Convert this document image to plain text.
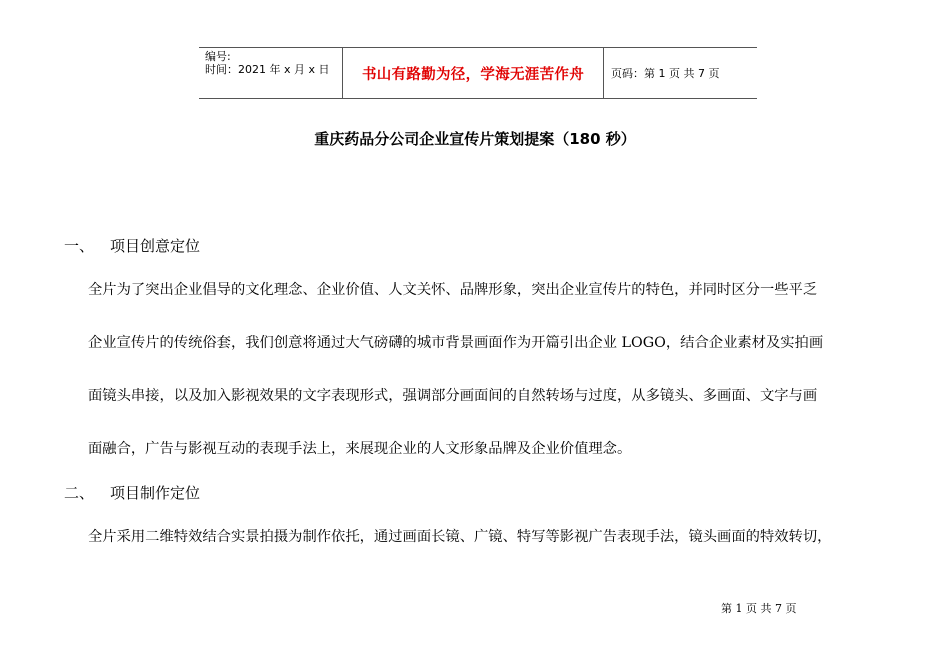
编号:
时间：2021 年 x 月 x 日	书山有路勤为径，学海无涯苦作舟	页码：第 1 页 共 7 页
重庆药品分公司企业宣传片策划提案（180 秒）
一、 项目创意定位
全片为了突出企业倡导的文化理念、企业价值、人文关怀、品牌形象，突出企业宣传片的特色，并同时区分一些平乏
企业宣传片的传统俗套，我们创意将通过大气磅礴的城市背景画面作为开篇引出企业 LOGO，结合企业素材及实拍画
面镜头串接，以及加入影视效果的文字表现形式，强调部分画面间的自然转场与过度，从多镜头、多画面、文字与画
面融合，广告与影视互动的表现手法上，来展现企业的人文形象品牌及企业价值理念。
二、 项目制作定位
全片采用二维特效结合实景拍摄为制作依托，通过画面长镜、广镜、特写等影视广告表现手法，镜头画面的特效转切，
第 1 页 共 7 页
